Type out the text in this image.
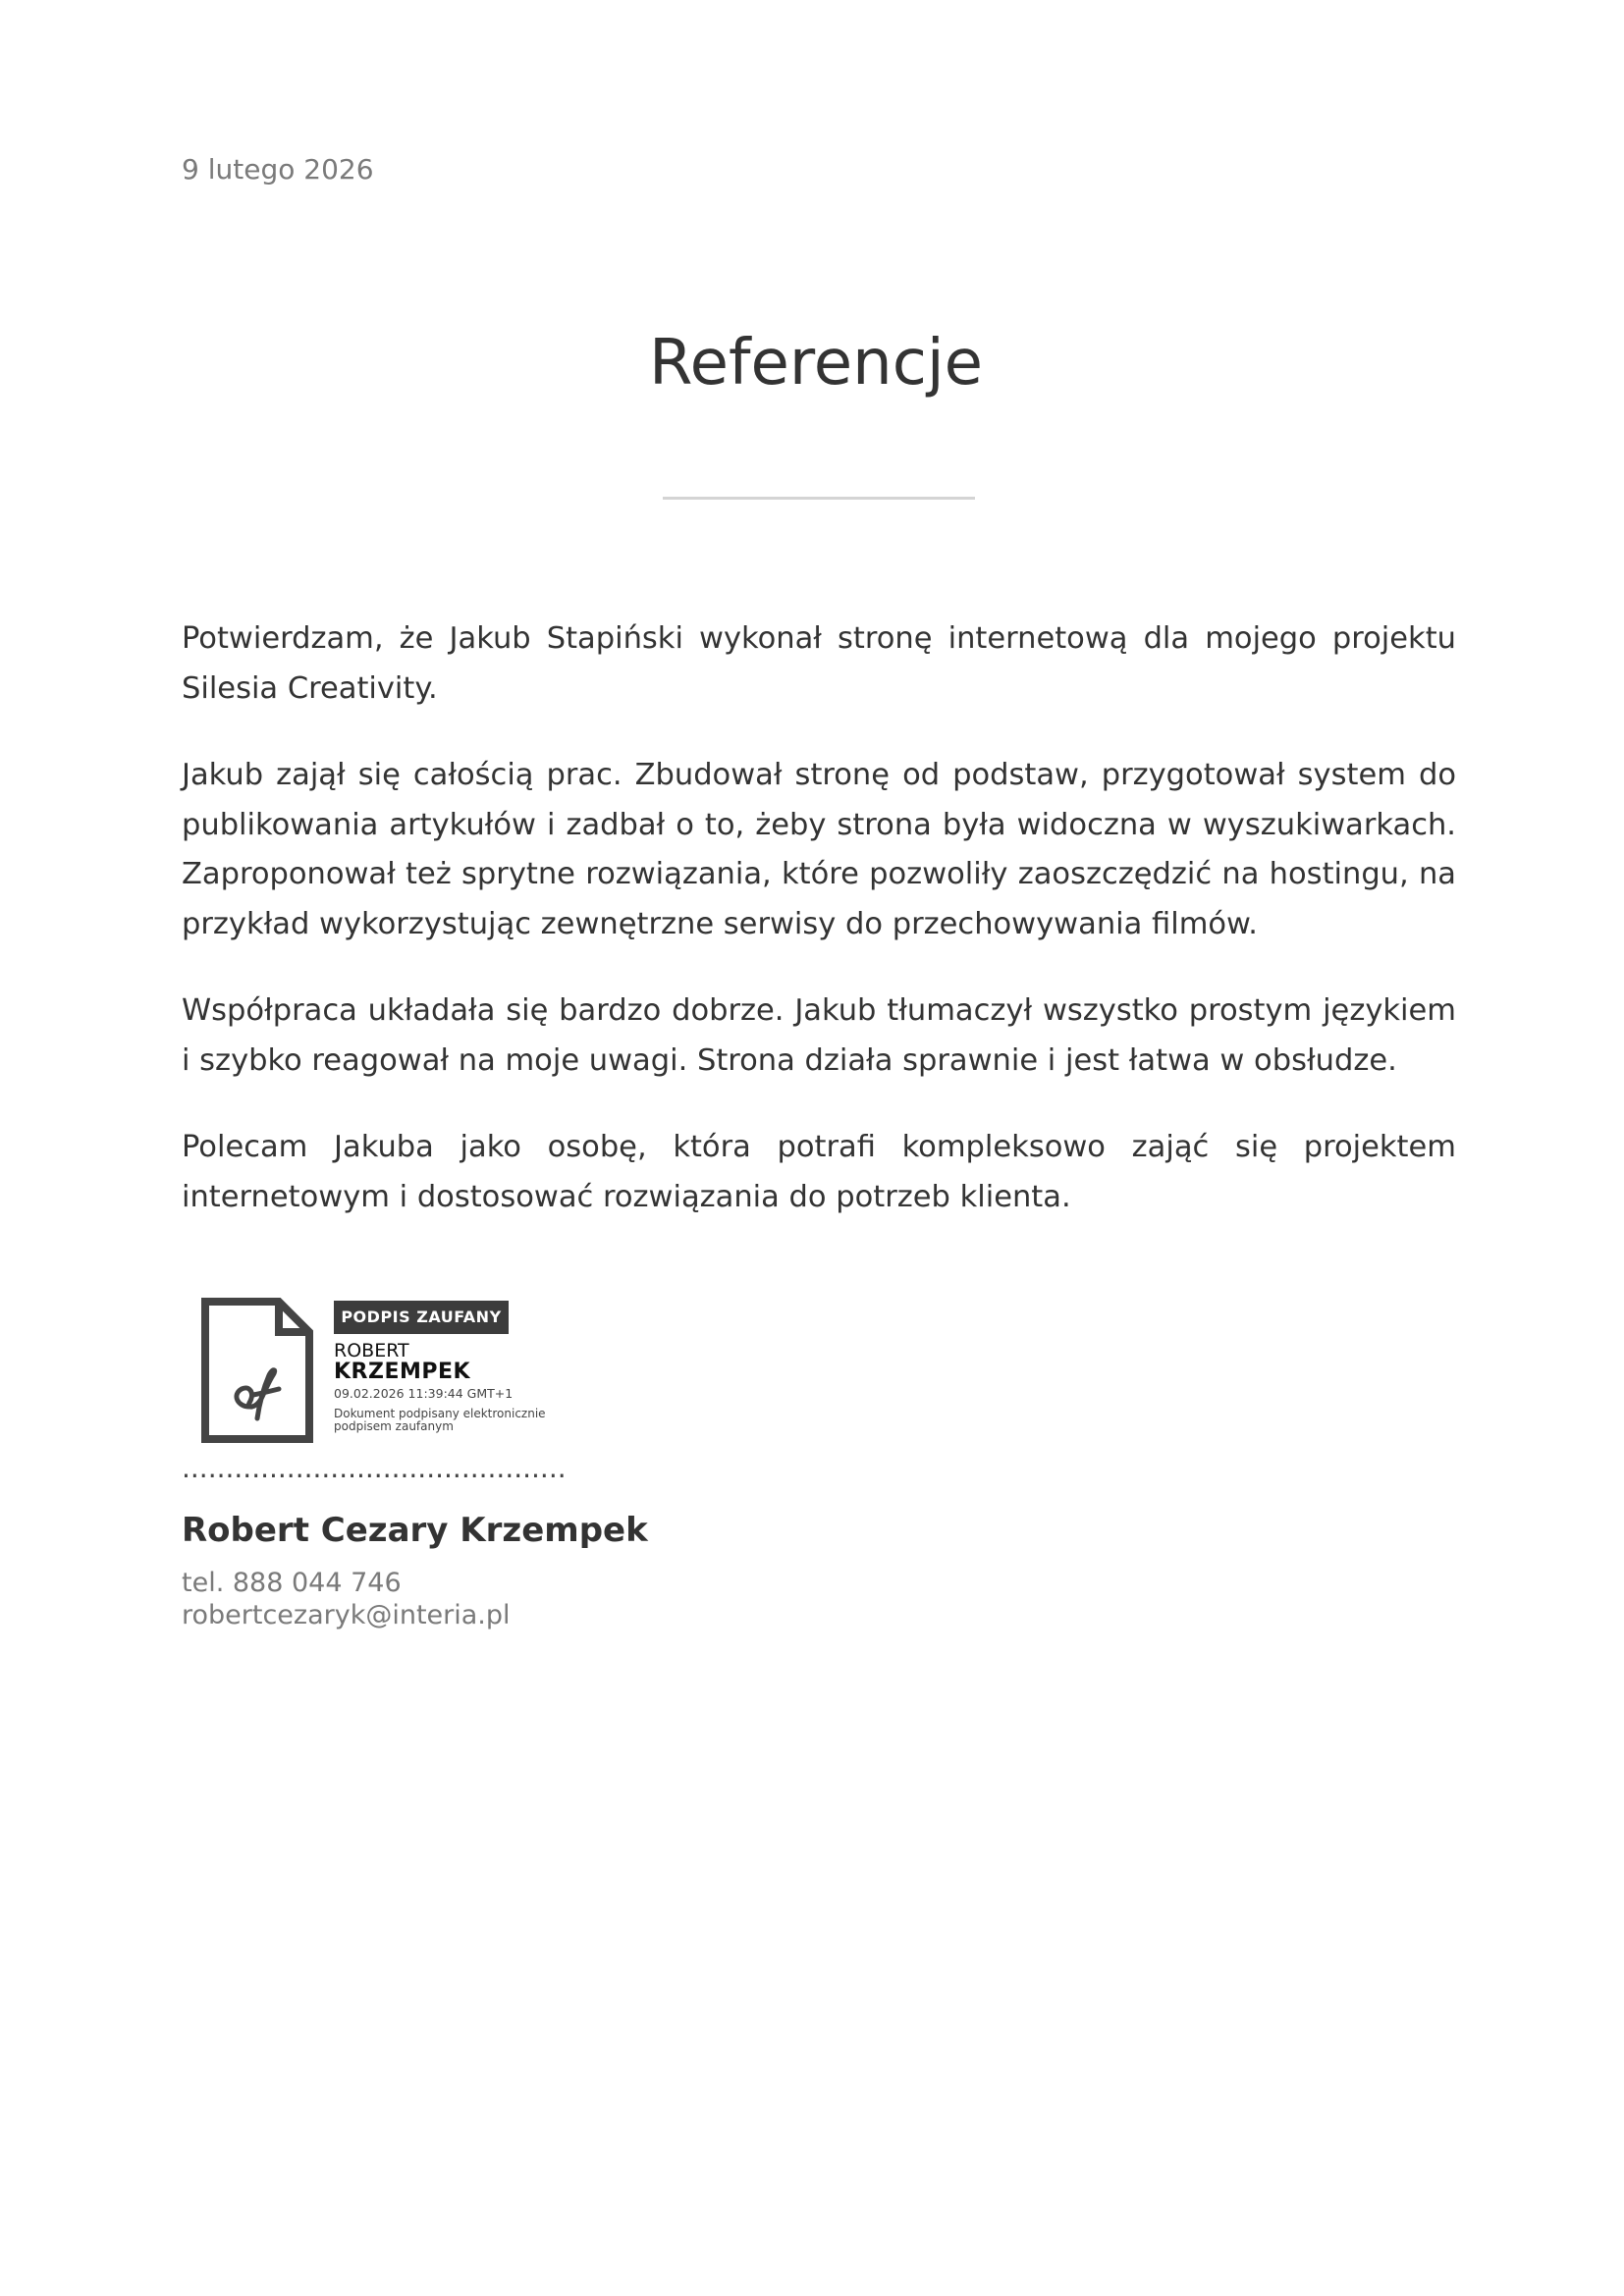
9 lutego 2026
Referencje

Potwierdzam, że Jakub Stapiński wykonał stronę internetową dla mojego projektu Silesia Creativity.

Jakub zajął się całością prac. Zbudował stronę od podstaw, przygotował system do publikowania artykułów i zadbał o to, żeby strona była widoczna w wyszukiwarkach. Zaproponował też sprytne rozwiązania, które pozwoliły zaoszczędzić na hostingu, na przykład wykorzystując zewnętrzne serwisy do przechowywania filmów.

Współpraca układała się bardzo dobrze. Jakub tłumaczył wszystko prostym językiem i szybko reagował na moje uwagi. Strona działa sprawnie i jest łatwa w obsłudze.

Polecam Jakuba jako osobę, która potrafi kompleksowo zająć się projektem internetowym i dostosować rozwiązania do potrzeb klienta.

PODPIS ZAUFANY
ROBERT
KRZEMPEK
09.02.2026 11:39:44 GMT+1
Dokument podpisany elektronicznie podpisem zaufanym
............................................
Robert Cezary Krzempek
tel. 888 044 746
robertcezaryk@interia.pl
